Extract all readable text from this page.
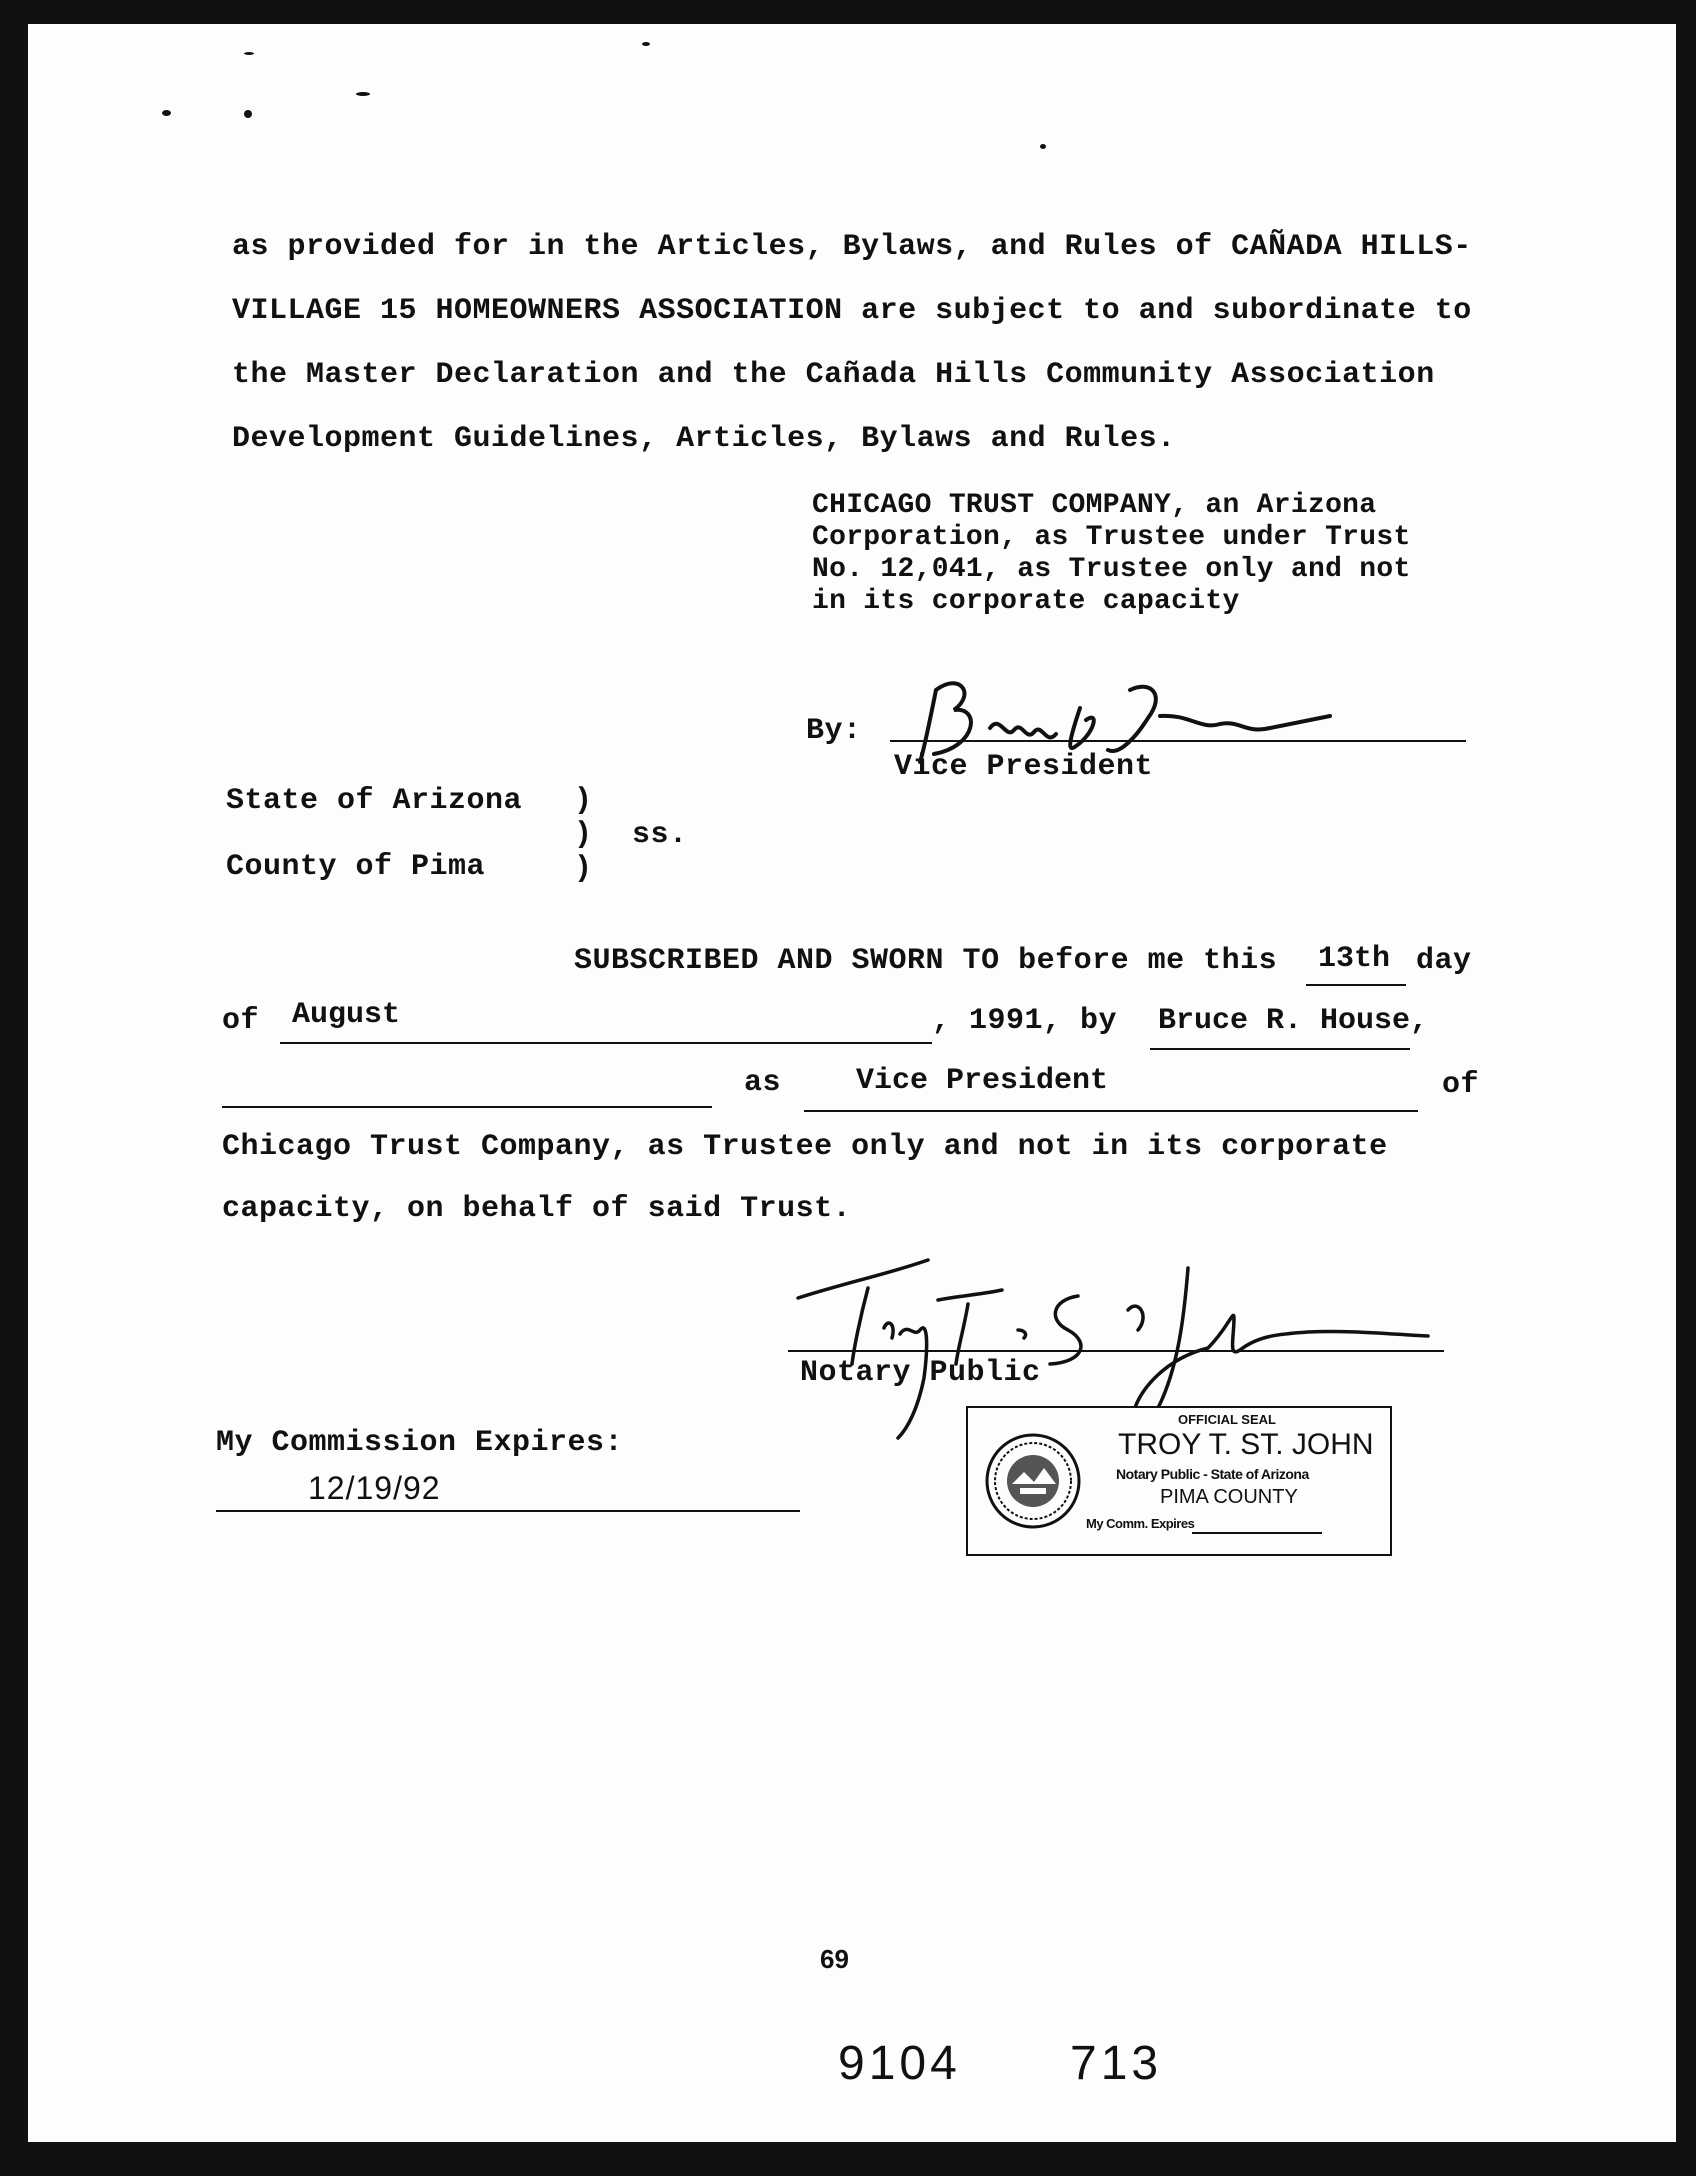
as provided for in the Articles, Bylaws, and Rules of CAÑADA HILLS-
VILLAGE 15 HOMEOWNERS ASSOCIATION are subject to and subordinate to
the Master Declaration and the Cañada Hills Community Association
Development Guidelines, Articles, Bylaws and Rules.
CHICAGO TRUST COMPANY, an Arizona
Corporation, as Trustee under Trust
No. 12,041, as Trustee only and not
in its corporate capacity
By:
Vice President
State of Arizona
County of Pima
)
)
)
ss.
SUBSCRIBED AND SWORN TO before me this 13th day
of August	, 1991, by Bruce R. House,
as Vice President	of
Chicago Trust Company, as Trustee only and not in its corporate
capacity, on behalf of said Trust.
Notary Public
My Commission Expires:
12/19/92
OFFICIAL SEAL
TROY T. ST. JOHN
Notary Public - State of Arizona
PIMA COUNTY
My Comm. Expires
69
9104 713
